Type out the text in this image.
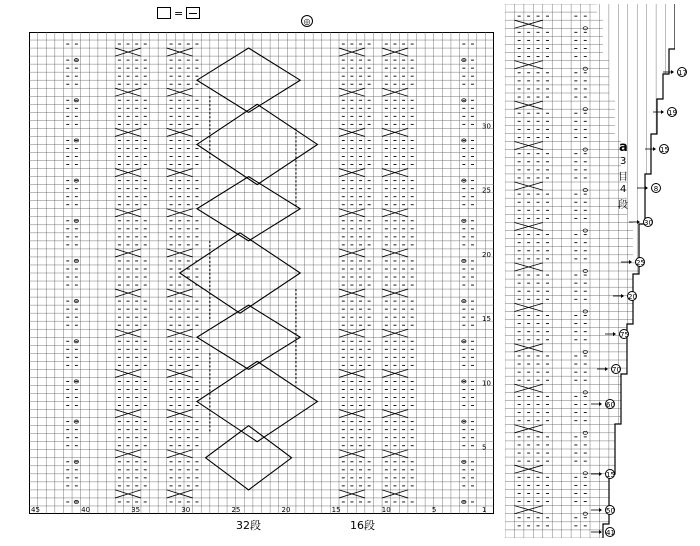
=
◎
5
10
15
20
25
30
45	40	35	30	25	20	15	10	5	1
32段	16段
a
3
目
4
段
17
19
15
8
30
25
20
75
70
60
15
50
41
